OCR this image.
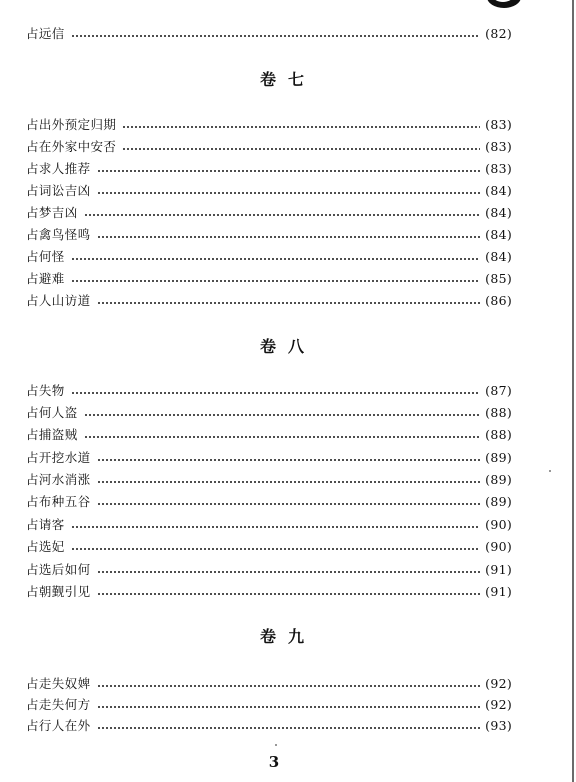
占远信	(82)
卷七
占出外预定归期	(83)
占在外家中安否	(83)
占求人推荐	(83)
占词讼吉凶	(84)
占梦吉凶	(84)
占禽鸟怪鸣	(84)
占何怪	(84)
占避难	(85)
占人山访道	(86)
卷八
占失物	(87)
占何人盗	(88)
占捕盗贼	(88)
占开挖水道	(89)
占河水消涨	(89)
占布种五谷	(89)
占请客	(90)
占选妃	(90)
占选后如何	(91)
占朝觐引见	(91)
卷九
占走失奴婢	(92)
占走失何方	(92)
占行人在外	(93)
3
